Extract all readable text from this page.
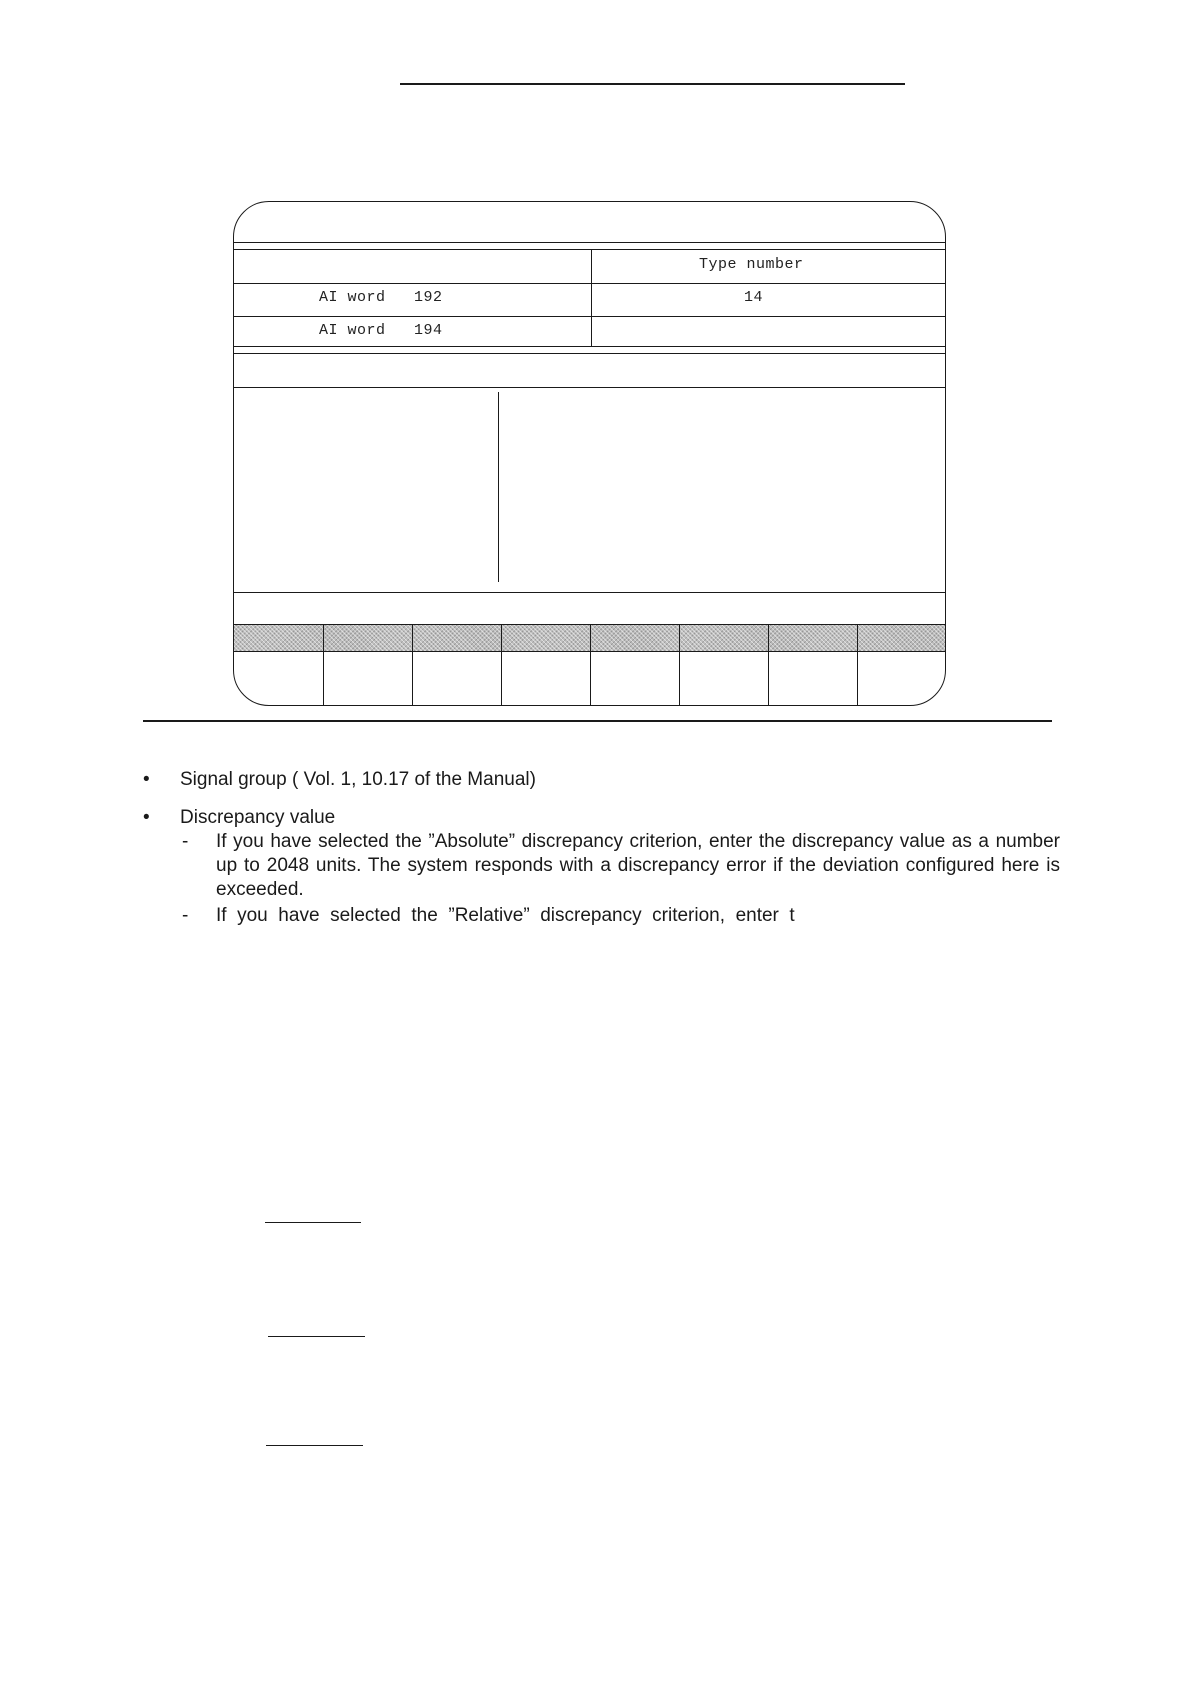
Type number
AI word   192	14
AI word   194
• Signal group ( Vol. 1, 10.17 of the Manual)
• Discrepancy value
- If you have selected the ”Absolute” discrepancy criterion, enter the discrepancy value as a number up to 2048 units. The system responds with a discrepancy error if the deviation configured here is exceeded.
- If  you  have  selected  the  ”Relative”  discrepancy  criterion,  enter  t
